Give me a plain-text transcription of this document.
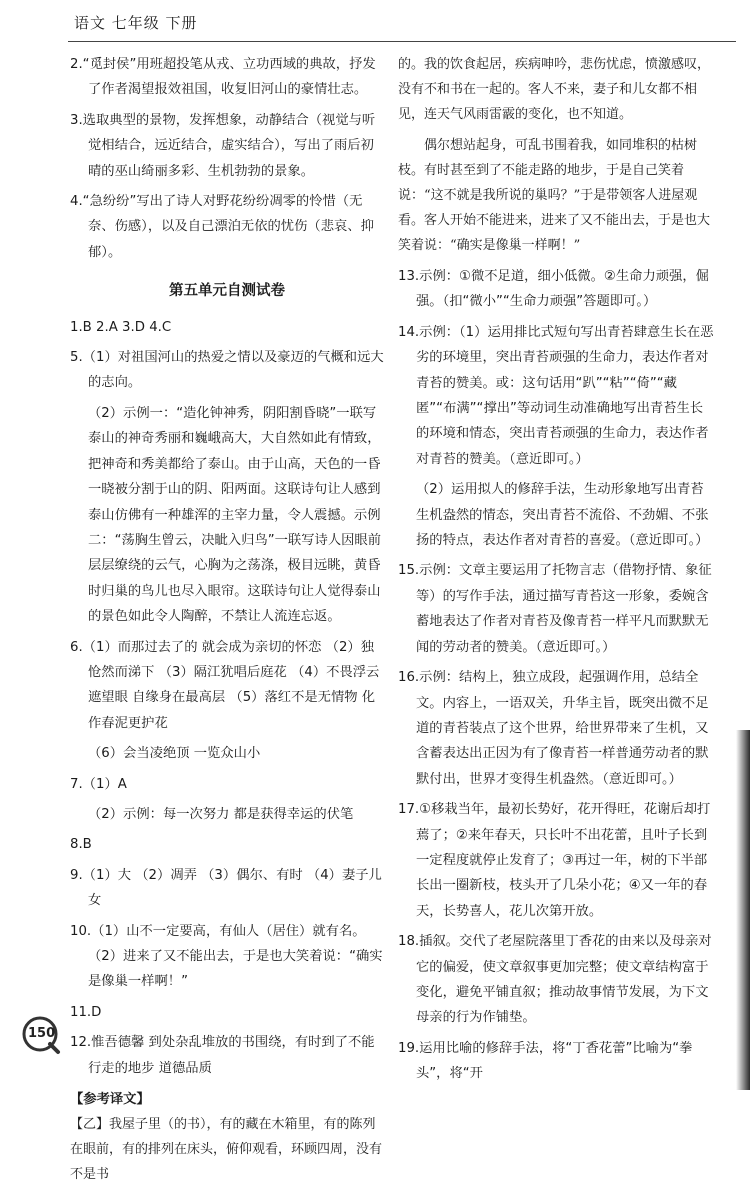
语文 七年级 下册
2.“觅封侯”用班超投笔从戎、立功西域的典故，抒发了作者渴望报效祖国，收复旧河山的豪情壮志。
3.选取典型的景物，发挥想象，动静结合（视觉与听觉相结合，远近结合，虚实结合），写出了雨后初晴的巫山绮丽多彩、生机勃勃的景象。
4.“急纷纷”写出了诗人对野花纷纷凋零的怜惜（无奈、伤感），以及自己漂泊无依的忧伤（悲哀、抑郁）。
第五单元自测试卷
1.B 2.A 3.D 4.C
5.（1）对祖国河山的热爱之情以及豪迈的气概和远大的志向。
（2）示例一：“造化钟神秀，阴阳割昏晓”一联写泰山的神奇秀丽和巍峨高大，大自然如此有情致，把神奇和秀美都给了泰山。由于山高，天色的一昏一晓被分割于山的阴、阳两面。这联诗句让人感到泰山仿佛有一种雄浑的主宰力量，令人震撼。示例二：“荡胸生曾云，决眦入归鸟”一联写诗人因眼前层层缭绕的云气，心胸为之荡涤，极目远眺，黄昏时归巢的鸟儿也尽入眼帘。这联诗句让人觉得泰山的景色如此令人陶醉，不禁让人流连忘返。
6.（1）而那过去了的 就会成为亲切的怀恋 （2）独怆然而涕下 （3）隔江犹唱后庭花 （4）不畏浮云遮望眼 自缘身在最高层 （5）落红不是无情物 化作春泥更护花
（6）会当凌绝顶 一览众山小
7.（1）A
（2）示例：每一次努力 都是获得幸运的伏笔
8.B
9.（1）大 （2）凋弄 （3）偶尔、有时 （4）妻子儿女
10.（1）山不一定要高，有仙人（居住）就有名。（2）进来了又不能出去，于是也大笑着说：“确实是像巢一样啊！”
11.D
12.惟吾德馨 到处杂乱堆放的书围绕，有时到了不能行走的地步 道德品质
【参考译文】
【乙】我屋子里（的书），有的藏在木箱里，有的陈列在眼前，有的排列在床头，俯仰观看，环顾四周，没有不是书
的。我的饮食起居，疾病呻吟，悲伤忧虑，愤激感叹，没有不和书在一起的。客人不来，妻子和儿女都不相见，连天气风雨雷霰的变化，也不知道。
偶尔想站起身，可乱书围着我，如同堆积的枯树枝。有时甚至到了不能走路的地步，于是自己笑着说：“这不就是我所说的巢吗？”于是带领客人进屋观看。客人开始不能进来，进来了又不能出去，于是也大笑着说：“确实是像巢一样啊！”
13.示例：①微不足道，细小低微。②生命力顽强，倔强。（扣“微小”“生命力顽强”答题即可。）
14.示例：（1）运用排比式短句写出青苔肆意生长在恶劣的环境里，突出青苔顽强的生命力，表达作者对青苔的赞美。或：这句话用“趴”“粘”“倚”“藏匿”“布满”“撑出”等动词生动准确地写出青苔生长的环境和情态，突出青苔顽强的生命力，表达作者对青苔的赞美。（意近即可。）
（2）运用拟人的修辞手法，生动形象地写出青苔生机盎然的情态，突出青苔不流俗、不劲媚、不张扬的特点，表达作者对青苔的喜爱。（意近即可。）
15.示例：文章主要运用了托物言志（借物抒情、象征等）的写作手法，通过描写青苔这一形象，委婉含蓄地表达了作者对青苔及像青苔一样平凡而默默无闻的劳动者的赞美。（意近即可。）
16.示例：结构上，独立成段，起强调作用，总结全文。内容上，一语双关，升华主旨，既突出微不足道的青苔装点了这个世界，给世界带来了生机，又含蓄表达出正因为有了像青苔一样普通劳动者的默默付出，世界才变得生机盎然。（意近即可。）
17.①移栽当年，最初长势好，花开得旺，花谢后却打蔫了；②来年春天，只长叶不出花蕾，且叶子长到一定程度就停止发育了；③再过一年，树的下半部长出一圈新枝，枝头开了几朵小花；④又一年的春天，长势喜人，花儿次第开放。
18.插叙。交代了老屋院落里丁香花的由来以及母亲对它的偏爱，使文章叙事更加完整；使文章结构富于变化，避免平铺直叙；推动故事情节发展，为下文母亲的行为作铺垫。
19.运用比喻的修辞手法，将“丁香花蕾”比喻为“拳头”，将“开
150
